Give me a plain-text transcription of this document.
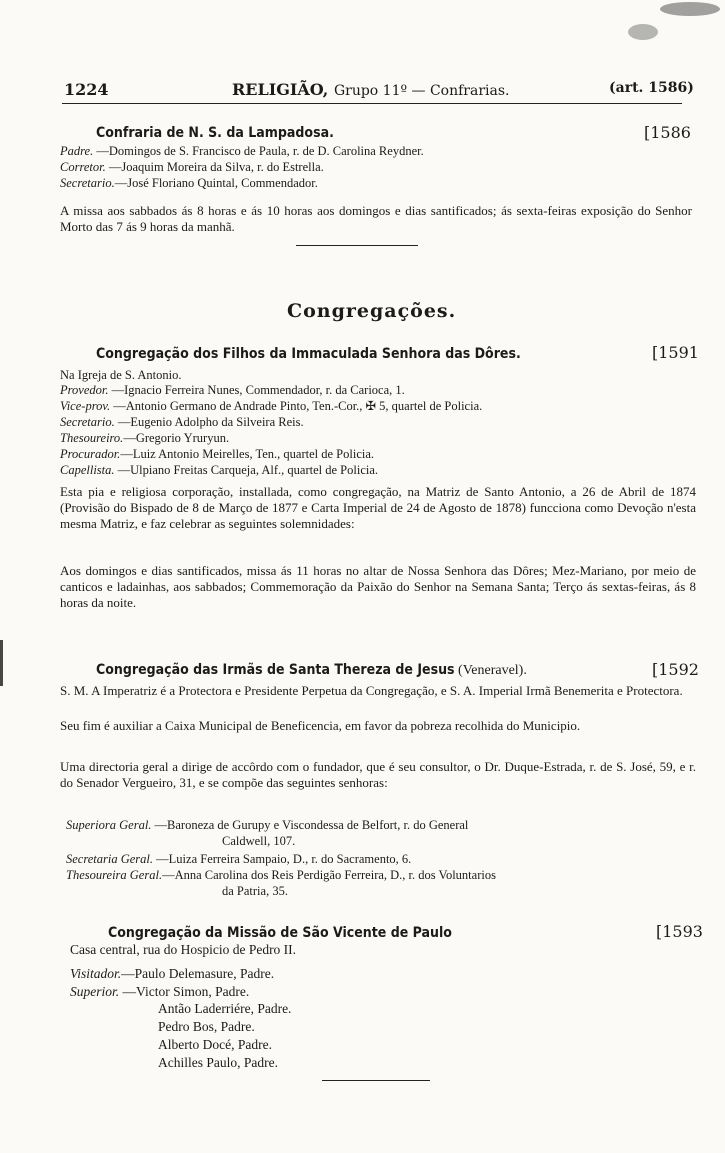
1224	RELIGIÃO, Grupo 11º — Confrarias.	(art. 1586)
Confraria de N. S. da Lampadosa.	[1586
Padre. —Domingos de S. Francisco de Paula, r. de D. Carolina Reydner.
Corretor. —Joaquim Moreira da Silva, r. do Estrella.
Secretario.—José Floriano Quintal, Commendador.
A missa aos sabbados ás 8 horas e ás 10 horas aos domingos e dias santificados; ás sexta-feiras exposição do Senhor Morto das 7 ás 9 horas da manhã.
Congregações.
Congregação dos Filhos da Immaculada Senhora das Dôres.	[1591
Na Igreja de S. Antonio.
Provedor. —Ignacio Ferreira Nunes, Commendador, r. da Carioca, 1.
Vice-prov. —Antonio Germano de Andrade Pinto, Ten.-Cor., ✠ 5, quartel de Policia.
Secretario. —Eugenio Adolpho da Silveira Reis.
Thesoureiro.—Gregorio Yruryun.
Procurador.—Luiz Antonio Meirelles, Ten., quartel de Policia.
Capellista. —Ulpiano Freitas Carqueja, Alf., quartel de Policia.
Esta pia e religiosa corporação, installada, como congregação, na Matriz de Santo Antonio, a 26 de Abril de 1874 (Provisão do Bispado de 8 de Março de 1877 e Carta Imperial de 24 de Agosto de 1878) funcciona como Devoção n'esta mesma Matriz, e faz celebrar as seguintes solemnidades:
Aos domingos e dias santificados, missa ás 11 horas no altar de Nossa Senhora das Dôres; Mez-Mariano, por meio de canticos e ladainhas, aos sabbados; Commemoração da Paixão do Senhor na Semana Santa; Terço ás sextas-feiras, ás 8 horas da noite.
Congregação das Irmãs de Santa Thereza de Jesus (Veneravel).	[1592
S. M. A Imperatriz é a Protectora e Presidente Perpetua da Congregação, e S. A. Imperial Irmã Benemerita e Protectora.
Seu fim é auxiliar a Caixa Municipal de Beneficencia, em favor da pobreza recolhida do Municipio.
Uma directoria geral a dirige de accôrdo com o fundador, que é seu consultor, o Dr. Duque-Estrada, r. de S. José, 59, e r. do Senador Vergueiro, 31, e se compõe das seguintes senhoras:
Superiora Geral. —Baroneza de Gurupy e Viscondessa de Belfort, r. do General
Caldwell, 107.
Secretaria Geral. —Luiza Ferreira Sampaio, D., r. do Sacramento, 6.
Thesoureira Geral.—Anna Carolina dos Reis Perdigão Ferreira, D., r. dos Voluntarios
da Patria, 35.
Congregação da Missão de São Vicente de Paulo	[1593
Casa central, rua do Hospicio de Pedro II.
Visitador.—Paulo Delemasure, Padre.
Superior. —Victor Simon, Padre.
Antão Laderriére, Padre.
Pedro Bos, Padre.
Alberto Docé, Padre.
Achilles Paulo, Padre.
